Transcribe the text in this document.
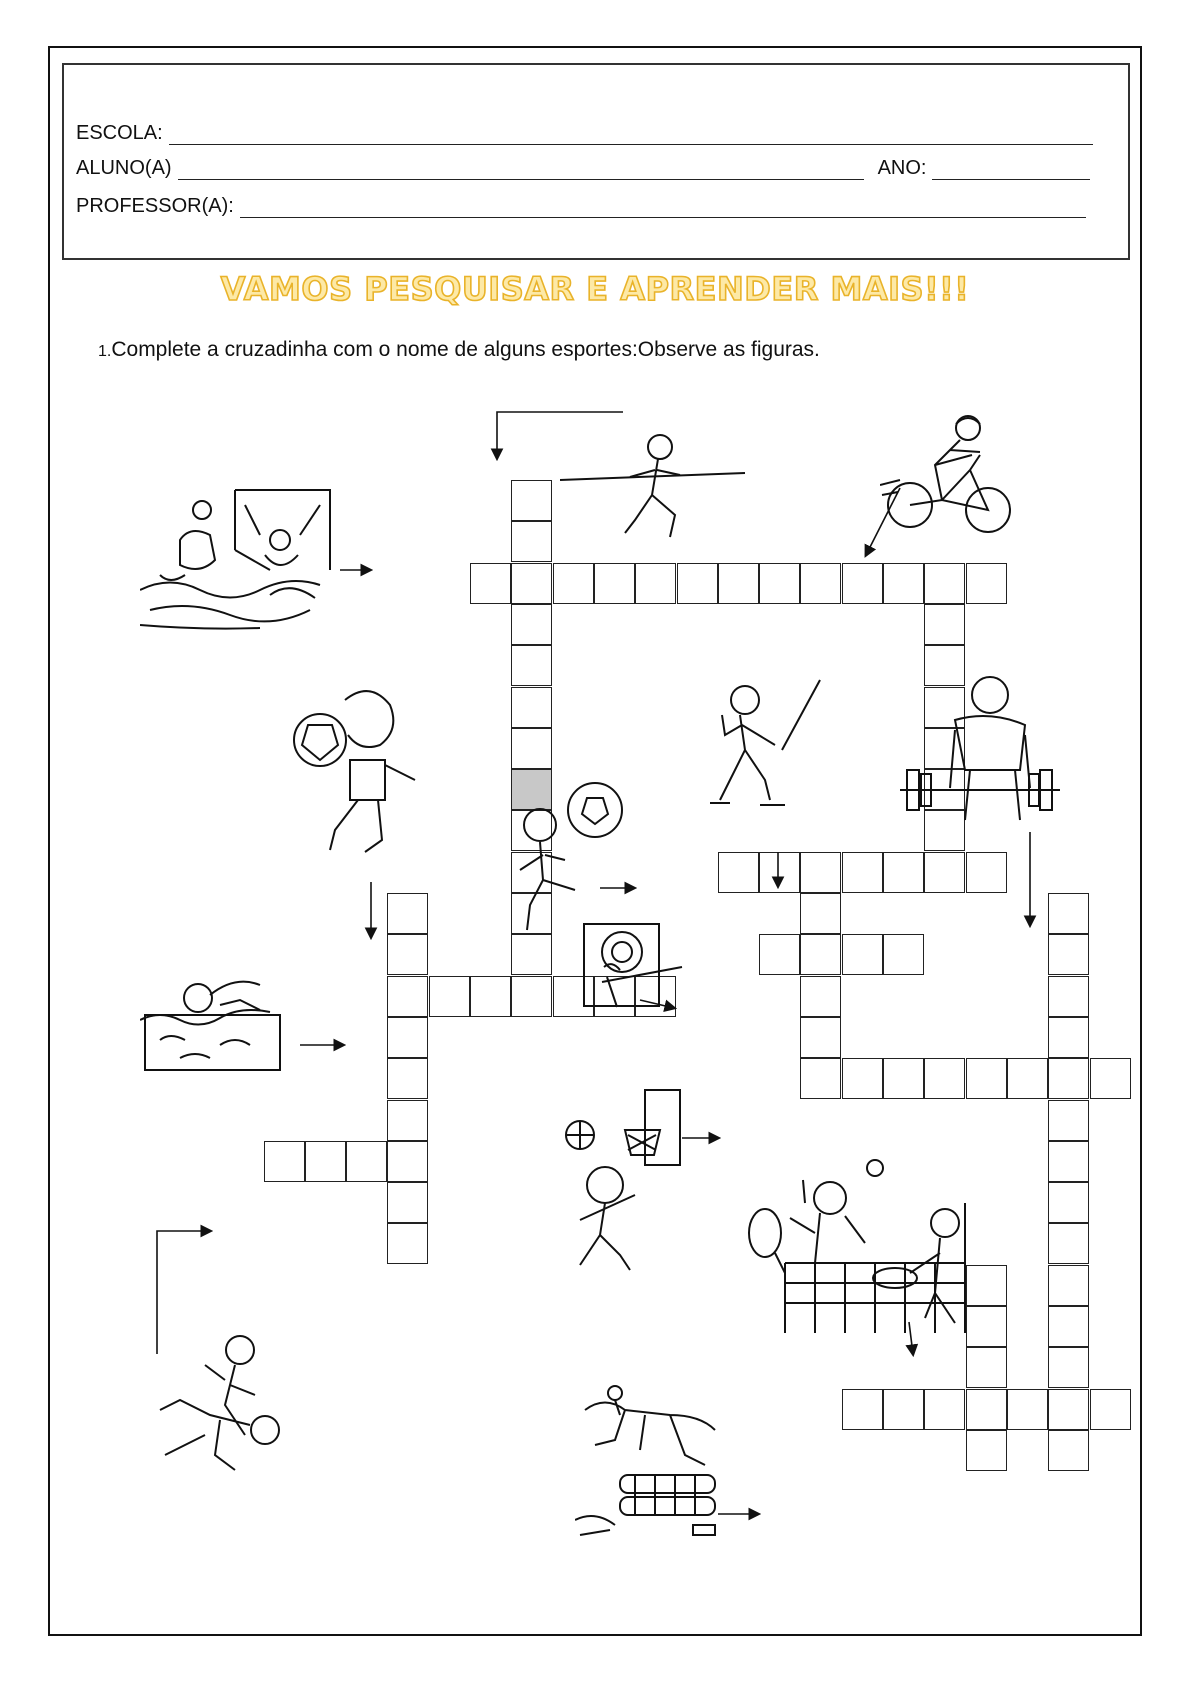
ESCOLA:
ALUNO(A)	ANO:
PROFESSOR(A):
VAMOS PESQUISAR E APRENDER MAIS!!!
1.Complete a cruzadinha com o nome de alguns esportes:Observe as figuras.
